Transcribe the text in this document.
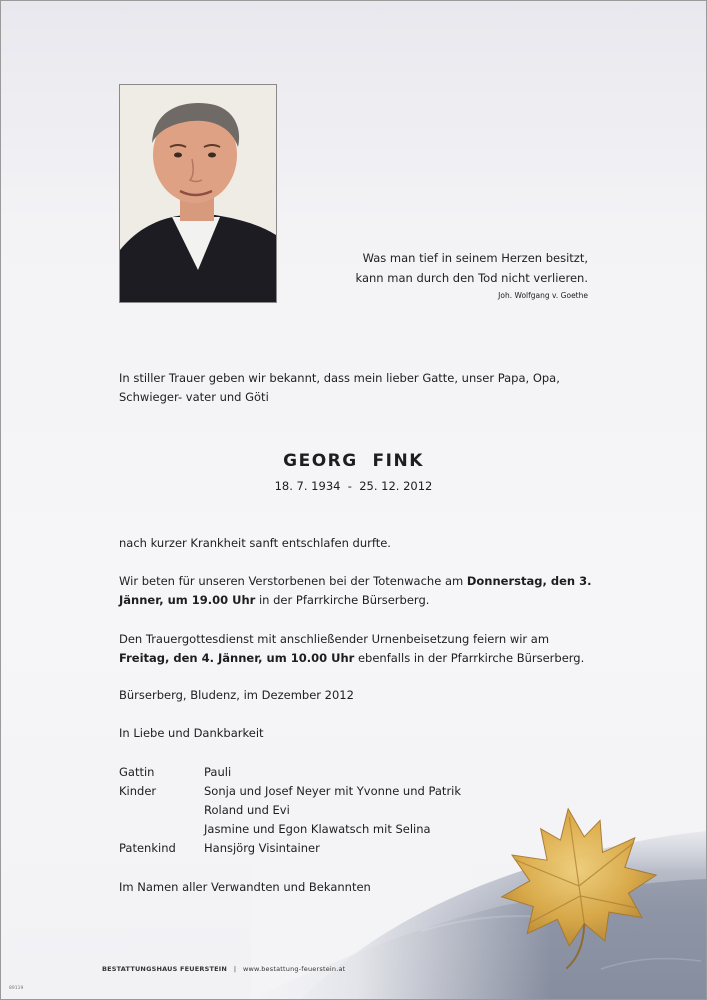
Was man tief in seinem Herzen besitzt,
kann man durch den Tod nicht verlieren.
Joh. Wolfgang v. Goethe
In stiller Trauer geben wir bekannt, dass mein lieber Gatte, unser Papa, Opa, Schwieger- vater und Göti
GEORG  FINK
18. 7. 1934  -  25. 12. 2012
nach kurzer Krankheit sanft entschlafen durfte.
Wir beten für unseren Verstorbenen bei der Totenwache am Donnerstag, den 3. Jänner, um 19.00 Uhr in der Pfarrkirche Bürserberg.
Den Trauergottesdienst mit anschließender Urnenbeisetzung feiern wir am Freitag, den 4. Jänner, um 10.00 Uhr ebenfalls in der Pfarrkirche Bürserberg.
Bürserberg, Bludenz, im Dezember 2012
In Liebe und Dankbarkeit
Gattin	Pauli
Kinder	Sonja und Josef Neyer mit Yvonne und Patrik
Roland und Evi
Jasmine und Egon Klawatsch mit Selina
Patenkind	Hansjörg Visintainer
Im Namen aller Verwandten und Bekannten
BESTATTUNGSHAUS FEUERSTEIN | www.bestattung-feuerstein.at
89119
